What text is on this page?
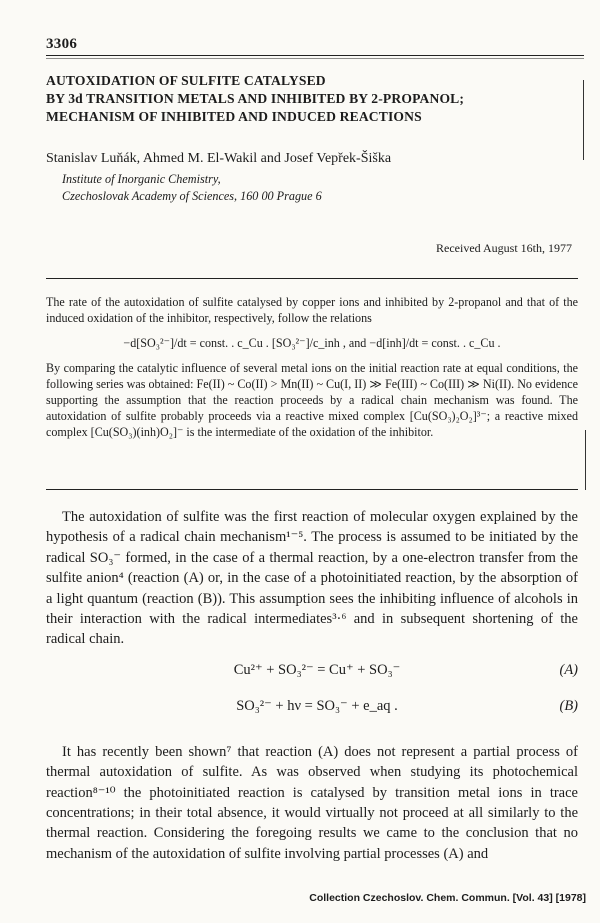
3306
AUTOXIDATION OF SULFITE CATALYSED
BY 3d TRANSITION METALS AND INHIBITED BY 2-PROPANOL;
MECHANISM OF INHIBITED AND INDUCED REACTIONS
Stanislav Luňák, Ahmed M. El-Wakil and Josef Vepřek-Šiška
Institute of Inorganic Chemistry,
Czechoslovak Academy of Sciences, 160 00 Prague 6
Received August 16th, 1977

The rate of the autoxidation of sulfite catalysed by copper ions and inhibited by 2-propanol and that of the induced oxidation of the inhibitor, respectively, follow the relations

−d[SO₃²⁻]/dt = const. . c_Cu . [SO₃²⁻]/c_inh , and −d[inh]/dt = const. . c_Cu .

By comparing the catalytic influence of several metal ions on the initial reaction rate at equal conditions, the following series was obtained: Fe(II) ~ Co(II) > Mn(II) ~ Cu(I, II) ≫ Fe(III) ~ Co(III) ≫ Ni(II). No evidence supporting the assumption that the reaction proceeds by a radical chain mechanism was found. The autoxidation of sulfite probably proceeds via a reactive mixed complex [Cu(SO₃)₂O₂]³⁻; a reactive mixed complex [Cu(SO₃)(inh)O₂]⁻ is the intermediate of the oxidation of the inhibitor.

The autoxidation of sulfite was the first reaction of molecular oxygen explained by the hypothesis of a radical chain mechanism¹⁻⁵. The process is assumed to be initiated by the radical SO₃⁻ formed, in the case of a thermal reaction, by a one-electron transfer from the sulfite anion⁴ (reaction (A) or, in the case of a photoinitiated reaction, by the absorption of a light quantum (reaction (B)). This assumption sees the inhibiting influence of alcohols in their interaction with the radical intermediates³·⁶ and in subsequent shortening of the radical chain.

Cu²⁺ + SO₃²⁻ = Cu⁺ + SO₃⁻	(A)
SO₃²⁻ + hν = SO₃⁻ + e_aq .	(B)

It has recently been shown⁷ that reaction (A) does not represent a partial process of thermal autoxidation of sulfite. As was observed when studying its photochemical reaction⁸⁻¹⁰ the photoinitiated reaction is catalysed by transition metal ions in trace concentrations; in their total absence, it would virtually not proceed at all similarly to the thermal reaction. Considering the foregoing results we came to the conclusion that no mechanism of the autoxidation of sulfite involving partial processes (A) and

Collection Czechoslov. Chem. Commun. [Vol. 43] [1978]
